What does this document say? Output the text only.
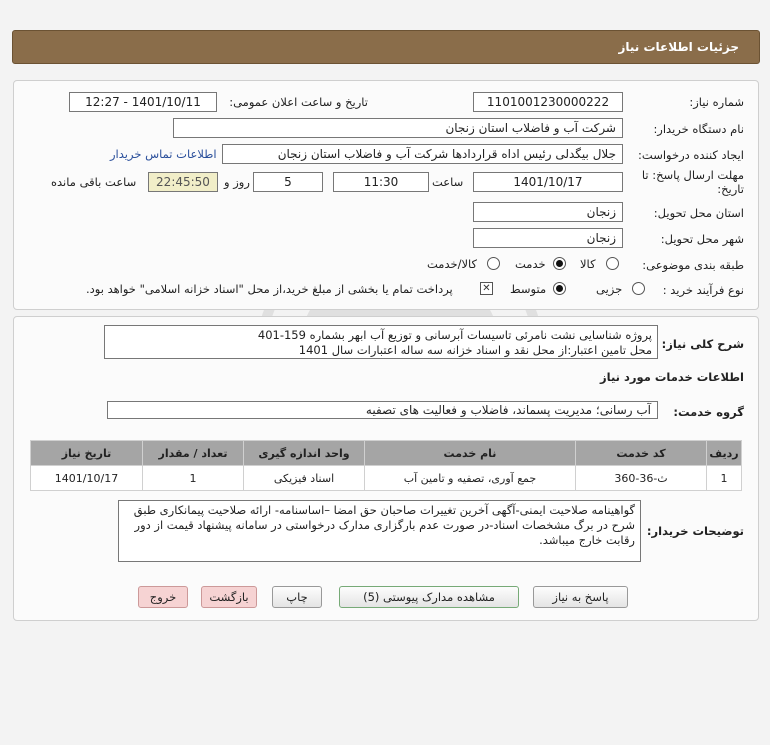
جزئیات اطلاعات نیاز
شماره نیاز:
1101001230000222
تاریخ و ساعت اعلان عمومی:
1401/10/11 - 12:27
نام دستگاه خریدار:
شرکت آب و فاضلاب استان زنجان
ایجاد کننده درخواست:
جلال بیگدلی رئیس اداه قراردادها شرکت آب و فاضلاب استان زنجان
اطلاعات تماس خریدار
مهلت ارسال پاسخ: تا
تاریخ:
1401/10/17
ساعت
11:30
5
روز و
22:45:50
ساعت باقی مانده
استان محل تحویل:
زنجان
شهر محل تحویل:
زنجان
طبقه بندی موضوعی:
کالا
خدمت
کالا/خدمت
نوع فرآیند خرید :
جزیی
متوسط
✕
پرداخت تمام یا بخشی از مبلغ خرید،از محل "اسناد خزانه اسلامی" خواهد بود.
شرح کلی نیاز:
پروژه شناسایی نشت نامرئی تاسیسات آبرسانی و توزیع آب ابهر بشماره 159-401
محل تامین اعتبار:از محل نقد و اسناد خزانه سه ساله اعتبارات سال 1401
اطلاعات خدمات مورد نیاز
گروه خدمت:
آب رسانی؛ مدیریت پسماند، فاضلاب و فعالیت های تصفیه
ردیف	کد خدمت	نام خدمت	واحد اندازه گیری	تعداد / مقدار	تاریخ نیاز
1	ث-36-360	جمع آوری، تصفیه و تامین آب	اسناد فیزیکی	1	1401/10/17
توضیحات خریدار:
گواهینامه صلاحیت ایمنی-آگهی آخرین تغییرات صاحبان حق امضا –اساسنامه- ارائه صلاحیت پیمانکاری طبق شرح در برگ مشخصات اسناد-در صورت عدم بارگزاری مدارک درخواستی در سامانه پیشنهاد قیمت از دور رقابت خارج میباشد.
پاسخ به نیاز
مشاهده مدارک پیوستی (5)
چاپ
بازگشت
خروج
